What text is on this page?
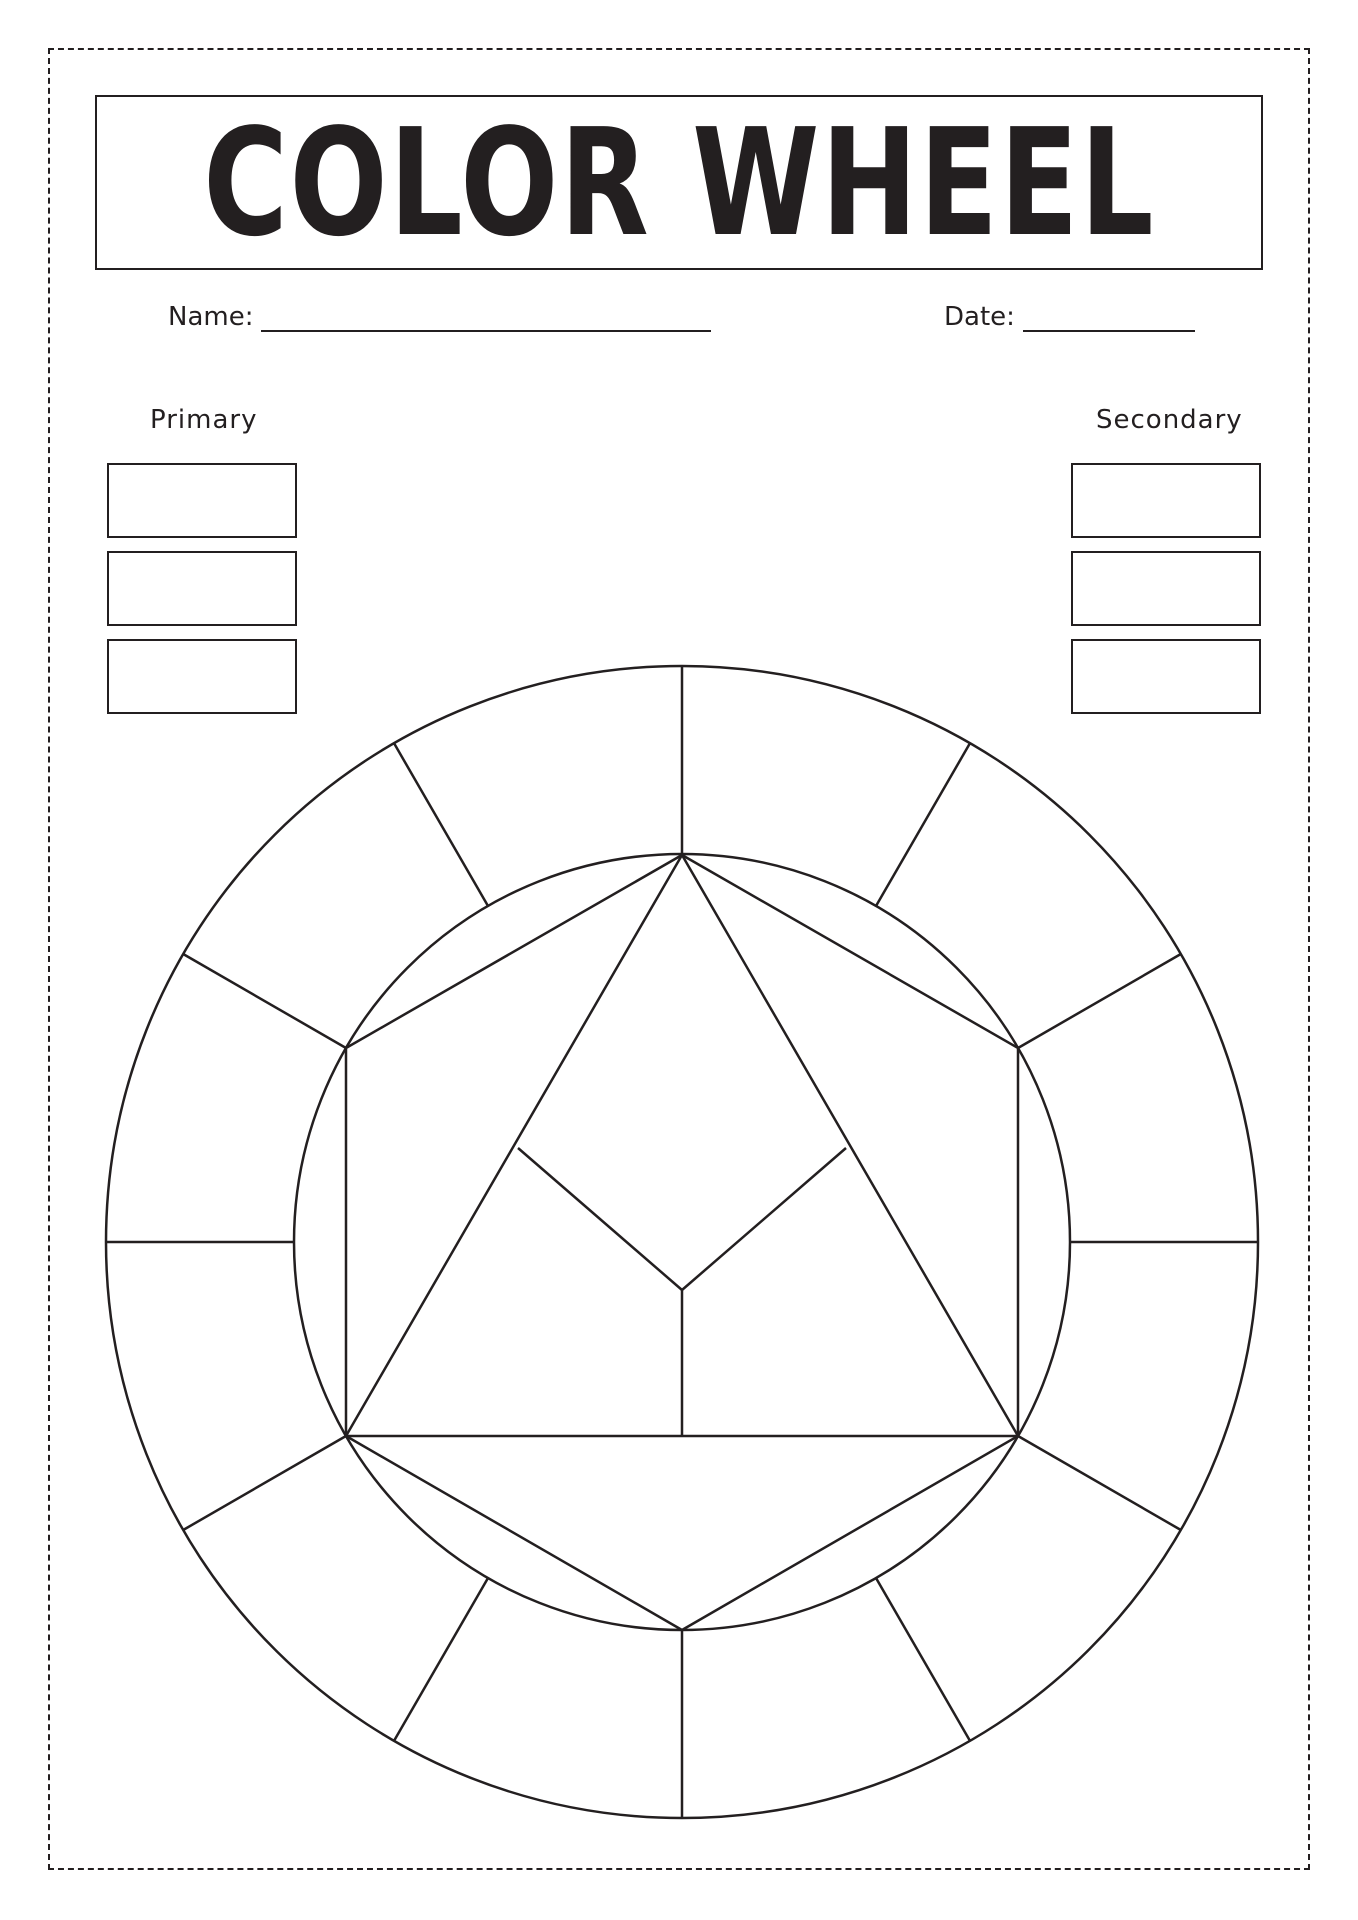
COLOR WHEEL
Name:	Date:
Primary	Secondary
